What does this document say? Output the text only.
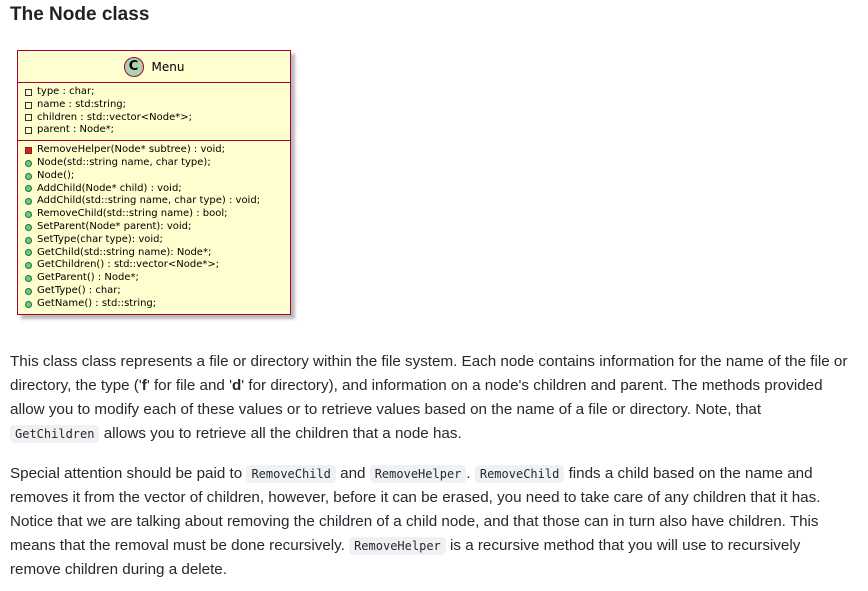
The Node class
C	Menu
type : char;
name : std:string;
children : std::vector<Node*>;
parent : Node*;
RemoveHelper(Node* subtree) : void;
Node(std::string name, char type);
Node();
AddChild(Node* child) : void;
AddChild(std::string name, char type) : void;
RemoveChild(std::string name) : bool;
SetParent(Node* parent): void;
SetType(char type): void;
GetChild(std::string name): Node*;
GetChildren() : std::vector<Node*>;
GetParent() : Node*;
GetType() : char;
GetName() : std::string;

This class class represents a file or directory within the file system. Each node contains information for the name of the file or directory, the type ('f' for file and 'd' for directory), and information on a node's children and parent. The methods provided allow you to modify each of these values or to retrieve values based on the name of a file or directory. Note, that GetChildren allows you to retrieve all the children that a node has.

Special attention should be paid to RemoveChild and RemoveHelper . RemoveChild finds a child based on the name and removes it from the vector of children, however, before it can be erased, you need to take care of any children that it has. Notice that we are talking about removing the children of a child node, and that those can in turn also have children. This means that the removal must be done recursively. RemoveHelper is a recursive method that you will use to recursively remove children during a delete.
